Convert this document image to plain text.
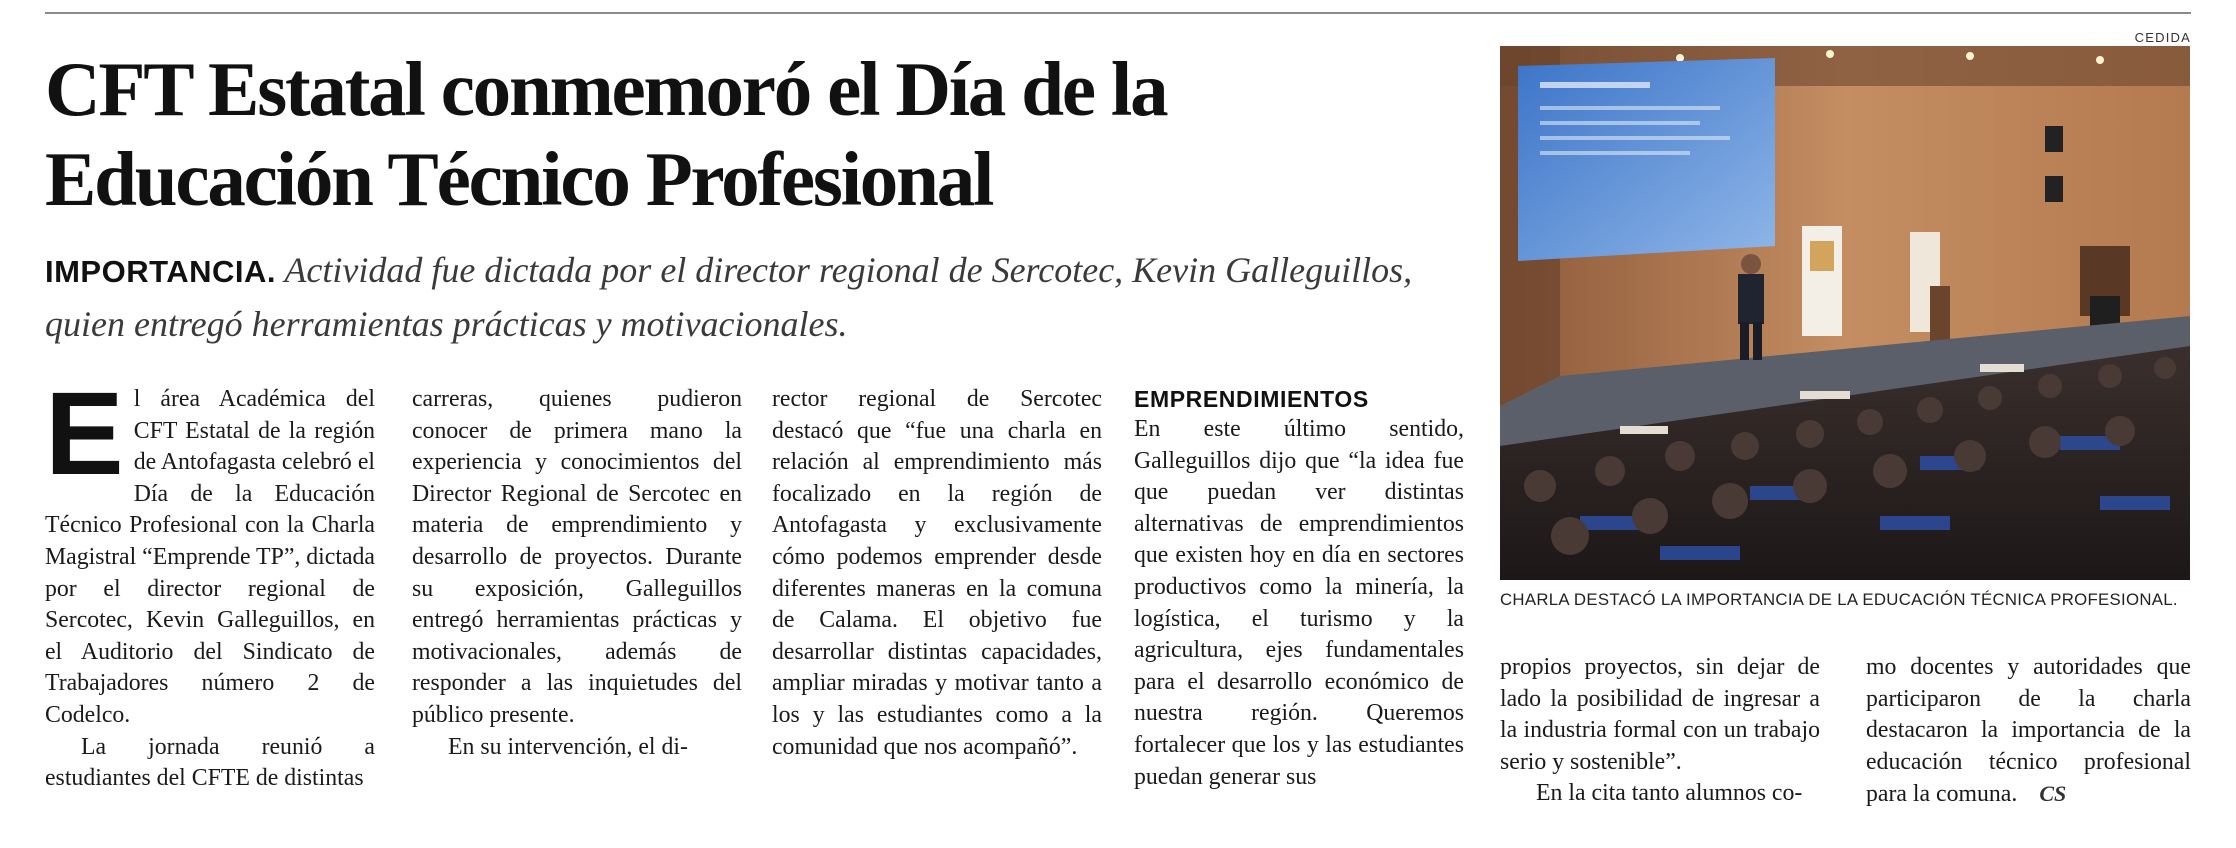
CFT Estatal conmemoró el Día de la Educación Técnico Profesional
IMPORTANCIA. Actividad fue dictada por el director regional de Sercotec, Kevin Galleguillos, quien entregó herramientas prácticas y motivacionales.

El área Académica del CFT Estatal de la región de Antofagasta celebró el Día de la Educación Técnico Profesional con la Charla Magistral “Emprende TP”, dictada por el director regional de Sercotec, Kevin Galleguillos, en el Auditorio del Sindicato de Trabajadores número 2 de Codelco.

La jornada reunió a estudiantes del CFTE de distintas

carreras, quienes pudieron conocer de primera mano la experiencia y conocimientos del Director Regional de Sercotec en materia de emprendimiento y desarrollo de proyectos. Durante su exposición, Galleguillos entregó herramientas prácticas y motivacionales, además de responder a las inquietudes del público presente.

En su intervención, el di-

rector regional de Sercotec destacó que “fue una charla en relación al emprendimiento más focalizado en la región de Antofagasta y exclusivamente cómo podemos emprender desde diferentes maneras en la comuna de Calama. El objetivo fue desarrollar distintas capacidades, ampliar miradas y motivar tanto a los y las estudiantes como a la comunidad que nos acompañó”.

EMPRENDIMIENTOS

En este último sentido, Galleguillos dijo que “la idea fue que puedan ver distintas alternativas de emprendimientos que existen hoy en día en sectores productivos como la minería, la logística, el turismo y la agricultura, ejes fundamentales para el desarrollo económico de nuestra región. Queremos fortalecer que los y las estudiantes puedan generar sus

propios proyectos, sin dejar de lado la posibilidad de ingresar a la industria formal con un trabajo serio y sostenible”.

En la cita tanto alumnos co-

mo docentes y autoridades que participaron de la charla destacaron la importancia de la educación técnico profesional para la comuna. CS

CEDIDA
CHARLA DESTACÓ LA IMPORTANCIA DE LA EDUCACIÓN TÉCNICA PROFESIONAL.
